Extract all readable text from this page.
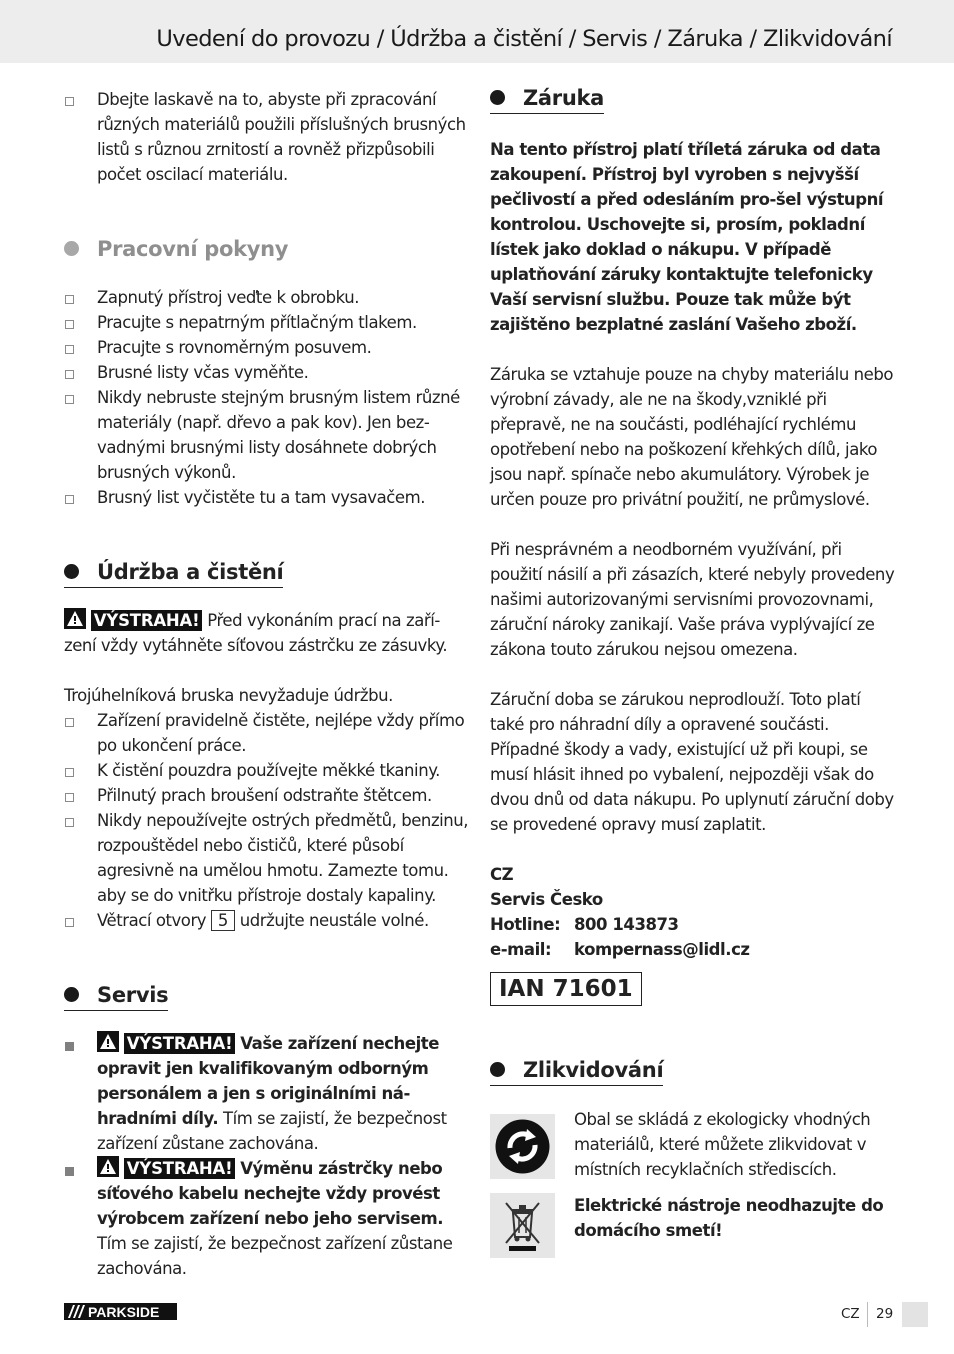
Uvedení do provozu / Údržba a čistění / Servis / Záruka / Zlikvidování
Dbejte laskavě na to, abyste při zpracování různých materiálů použili příslušných brusných listů s různou zrnitostí a rovněž přizpůsobili počet oscilací materiálu.
Pracovní pokyny
Zapnutý přístroj veďte k obrobku.
Pracujte s nepatrným přítlačným tlakem.
Pracujte s rovnoměrným posuvem.
Brusné listy včas vyměňte.
Nikdy nebruste stejným brusným listem různé materiály (např. dřevo a pak kov). Jen bez-vadnými brusnými listy dosáhnete dobrých brusných výkonů.
Brusný list vyčistěte tu a tam vysavačem.
Údržba a čistění
VÝSTRAHA! Před vykonáním prací na zaří-zení vždy vytáhněte síťovou zástrčku ze zásuvky.
Trojúhelníková bruska nevyžaduje údržbu.
Zařízení pravidelně čistěte, nejlépe vždy přímo po ukončení práce.
K čistění pouzdra používejte měkké tkaniny.
Přilnutý prach broušení odstraňte štětcem.
Nikdy nepoužívejte ostrých předmětů, benzinu, rozpouštědel nebo čističů, které působí agresivně na umělou hmotu. Zamezte tomu. aby se do vnitřku přístroje dostaly kapaliny.
Větrací otvory 5 udržujte neustále volné.
Servis
VÝSTRAHA! Vaše zařízení nechejte opravit jen kvalifikovaným odborným personálem a jen s originálními ná-hradními díly. Tím se zajistí, že bezpečnost zařízení zůstane zachována.
VÝSTRAHA! Výměnu zástrčky nebo síťového kabelu nechejte vždy provést výrobcem zařízení nebo jeho servisem. Tím se zajistí, že bezpečnost zařízení zůstane zachována.
Záruka
Na tento přístroj platí tříletá záruka od data zakoupení. Přístroj byl vyroben s nejvyšší pečlivostí a před odesláním pro-šel výstupní kontrolou. Uschovejte si, prosím, pokladní lístek jako doklad o nákupu. V případě uplatňování záruky kontaktujte telefonicky Vaší servisní službu. Pouze tak může být zajištěno bezplatné zaslání Vašeho zboží.
Záruka se vztahuje pouze na chyby materiálu nebo výrobní závady, ale ne na škody,vzniklé při přepravě, ne na součásti, podléhající rychlému opotřebení nebo na poškození křehkých dílů, jako jsou např. spínače nebo akumulátory. Výrobek je určen pouze pro privátní použití, ne průmyslové.
Při nesprávném a neodborném využívání, při použití násilí a při zásazích, které nebyly provedeny našimi autorizovanými servisními provozovnami, záruční nároky zanikají. Vaše práva vyplývající ze zákona touto zárukou nejsou omezena.
Záruční doba se zárukou neprodlouží. Toto platí také pro náhradní díly a opravené součásti. Případné škody a vady, existující už při koupi, se musí hlásit ihned po vybalení, nejpozději však do dvou dnů od data nákupu. Po uplynutí záruční doby se provedené opravy musí zaplatit.
CZ
Servis Česko
Hotline: 800 143873
e-mail: kompernass@lidl.cz
IAN 71601
Zlikvidování
Obal se skládá z ekologicky vhodných materiálů, které můžete zlikvidovat v místních recyklačních střediscích.
Elektrické nástroje neodhazujte do domácího smetí!
PARKSIDE	CZ 29
